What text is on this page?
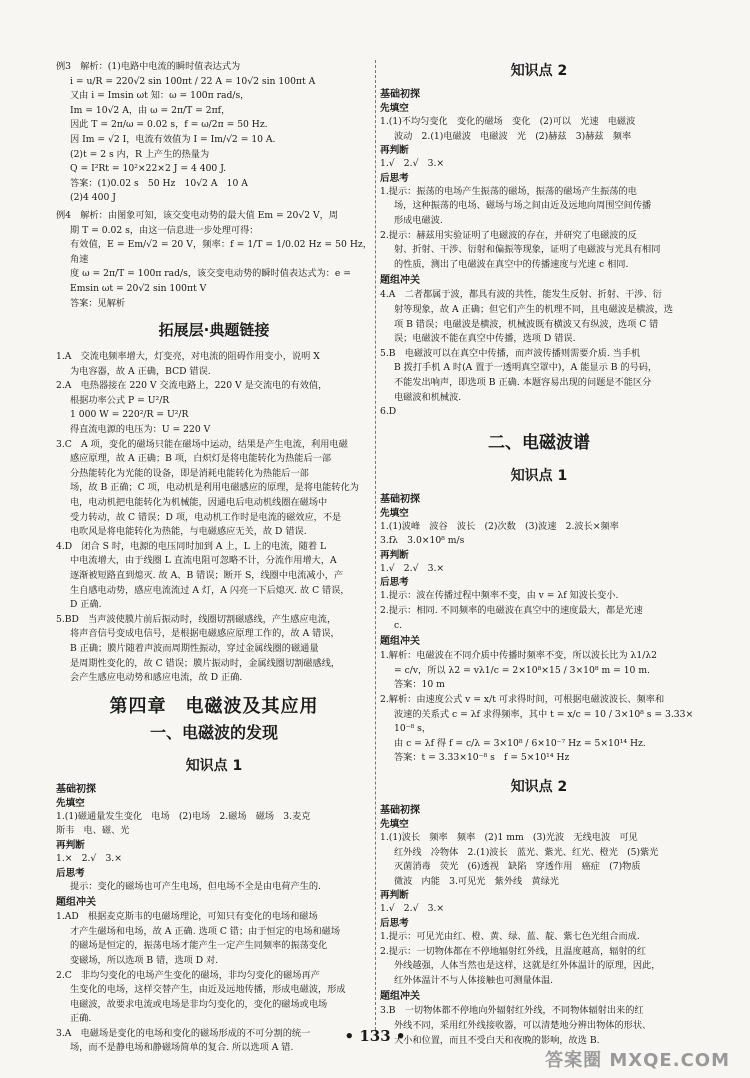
例3　解析：(1)电路中电流的瞬时值表达式为

i = u/R = 220√2 sin 100πt / 22 A = 10√2 sin 100πt A

又由 i = Imsin ωt 知：ω = 100π rad/s，

Im = 10√2 A，由 ω = 2π/T = 2πf，

因此 T = 2π/ω = 0.02 s，f = ω/2π = 50 Hz.

因 Im = √2 I，电流有效值为 I = Im/√2 = 10 A.

(2)t = 2 s 内，R 上产生的热量为

Q = I²Rt = 10²×22×2 J = 4 400 J.

答案：(1)0.02 s　50 Hz　10√2 A　10 A

(2)4 400 J

例4　解析：由图象可知，该交变电动势的最大值 Em = 20√2 V，周

期 T = 0.02 s，由这一信息进一步处理可得：

有效值，E = Em/√2 = 20 V，频率：f = 1/T = 1/0.02 Hz = 50 Hz，角速

度 ω = 2π/T = 100π rad/s，该交变电动势的瞬时值表达式为：e =

Emsin ωt = 20√2 sin 100πt V

答案：见解析

拓展层·典题链接

1.A　交流电频率增大，灯变亮，对电流的阻碍作用变小，说明 X

为电容器，故 A 正确，BCD 错误.

2.A　电热器接在 220 V 交流电路上，220 V 是交流电的有效值，

根据功率公式 P = U²/R

1 000 W = 220²/R = U²/R

得直流电源的电压为：U = 220 V

3.C　A 项，变化的磁场只能在磁场中运动，结果是产生电流，利用电磁

感应原理，故 A 正确；B 项，白炽灯是将电能转化为热能后一部

分热能转化为光能的设备，即是消耗电能转化为热能后一部

场，故 B 正确；C 项，电动机是利用电磁感应的原理，是将电能转化为

电，电动机把电能转化为机械能，因通电后电动机线圈在磁场中

受力转动，故 C 错误；D 项，电动机工作时是电流的磁效应，不是

电吹风是将电能转化为热能，与电磁感应无关，故 D 错误.

4.D　闭合 S 时，电源的电压同时加到 A 上，L 上的电流，随着 L

中电流增大，由于线圈 L 直流电阻可忽略不计，分流作用增大，A

逐渐被短路直到熄灭. 故 A、B 错误；断开 S，线圈中电流减小，产

生自感电动势，感应电流流过 A 灯，A 闪亮一下后熄灭. 故 C 错误，

D 正确.

5.BD　当声波使膜片前后振动时，线圈切割磁感线，产生感应电流，

将声音信号变成电信号，是根据电磁感应原理工作的，故 A 错误，

B 正确；膜片随着声波而周期性振动，穿过金属线圈的磁通量

是周期性变化的，故 C 错误；膜片振动时，金属线圈切割磁感线，

会产生感应电动势和感应电流，故 D 正确.

第四章　电磁波及其应用
一、电磁波的发现
知识点 1
基础初探
先填空

1.(1)磁通量发生变化　电场　(2)电场　2.磁场　磁场　3.麦克

斯韦　电、磁、光

再判断

1.×　2.√　3.×

后思考

提示：变化的磁场也可产生电场，但电场不全是由电荷产生的.

题组冲关

1.AD　根据麦克斯韦的电磁场理论，可知只有变化的电场和磁场

才产生磁场和电场，故 A 正确. 选项 C 错；由于恒定的电场和磁场

的磁场是恒定的，振荡电场才能产生一定产生同频率的振荡变化

变磁场，所以选项 B 错，选项 D 对.

2.C　非均匀变化的电场产生变化的磁场，非均匀变化的磁场再产

生变化的电场，这样交替产生，由近及远地传播，形成电磁波，形成

电磁波，故要求电流或电场是非均匀变化的，变化的磁场或电场

正确.

3.A　电磁场是变化的电场和变化的磁场形成的不可分割的统一

场，而不是静电场和静磁场简单的复合. 所以选项 A 错.

知识点 2
基础初探
先填空

1.(1)不均匀变化　变化的磁场　变化　(2)可以　光速　电磁波

波动　2.(1)电磁波　电磁波　光　(2)赫兹　3)赫兹　频率

再判断

1.√　2.√　3.×

后思考

1.提示：振荡的电场产生振荡的磁场，振荡的磁场产生振荡的电

场，这种振荡的电场、磁场与场之间由近及远地向周围空间传播

形成电磁波.

2.提示：赫兹用实验证明了电磁波的存在，并研究了电磁波的反

射、折射、干涉、衍射和偏振等现象，证明了电磁波与光具有相同

的性质，测出了电磁波在真空中的传播速度与光速 c 相同.

题组冲关

4.A　二者都属于波，都具有波的共性，能发生反射、折射、干涉、衍

射等现象，故 A 正确；但它们产生的机理不同，且电磁波是横波，选

项 B 错误；电磁波是横波，机械波既有横波又有纵波，选项 C 错

误；电磁波不能在真空中传播，选项 D 错误.

5.B　电磁波可以在真空中传播，而声波传播则需要介质. 当手机

B 拨打手机 A 时(A 置于一透明真空罩中)，A 能显示 B 的号码，

不能发出响声，即选项 B 正确. 本题容易出现的问题是不能区分

电磁波和机械波.

6.D

二、电磁波谱
知识点 1
基础初探
先填空

1.(1)波峰　波谷　波长　(2)次数　(3)波速　2.波长×频率

3.fλ　3.0×10⁸ m/s

再判断

1.√　2.√　3.×

后思考

1.提示：波在传播过程中频率不变，由 v = λf 知波长变小.

2.提示：相同. 不同频率的电磁波在真空中的速度最大，都是光速

c.

题组冲关

1.解析：电磁波在不同介质中传播时频率不变，所以波长比为 λ1/λ2

= c/v，所以 λ2 = vλ1/c = 2×10⁸×15 / 3×10⁸ m = 10 m.

答案：10 m

2.解析：由速度公式 v = x/t 可求得时间，可根据电磁波波长、频率和

波速的关系式 c = λf 求得频率，其中 t = x/c = 10 / 3×10⁸ s = 3.33×

10⁻⁸ s，

由 c = λf 得 f = c/λ = 3×10⁸ / 6×10⁻⁷ Hz = 5×10¹⁴ Hz.

答案：t = 3.33×10⁻⁸ s　f = 5×10¹⁴ Hz

知识点 2
基础初探
先填空

1.(1)波长　频率　频率　(2)1 mm　(3)光波　无线电波　可见

红外线　冷物体　2.(1)波长　蓝光、紫光、红光、橙光　(5)紫光

灭菌消毒　荧光　(6)透视　缺陷　穿透作用　癌症　(7)物质

微波　内能　3.可见光　紫外线　黄绿光

再判断

1.√　2.√　3.×

后思考

1.提示：可见光由红、橙、黄、绿、蓝、靛、紫七色光组合而成.

2.提示：一切物体都在不停地辐射红外线，且温度越高，辐射的红

外线越强，人体当然也是这样，这就是红外体温计的原理，因此，

红外体温计不与人体接触也可测量体温.

题组冲关

3.B　一切物体都不停地向外辐射红外线，不同物体辐射出来的红

外线不同，采用红外线接收器，可以清楚地分辨出物体的形状、

大小和位置，而且不受白天和夜晚的影响，故选 B.

• 133 •
答案圈 MXQE.COM
